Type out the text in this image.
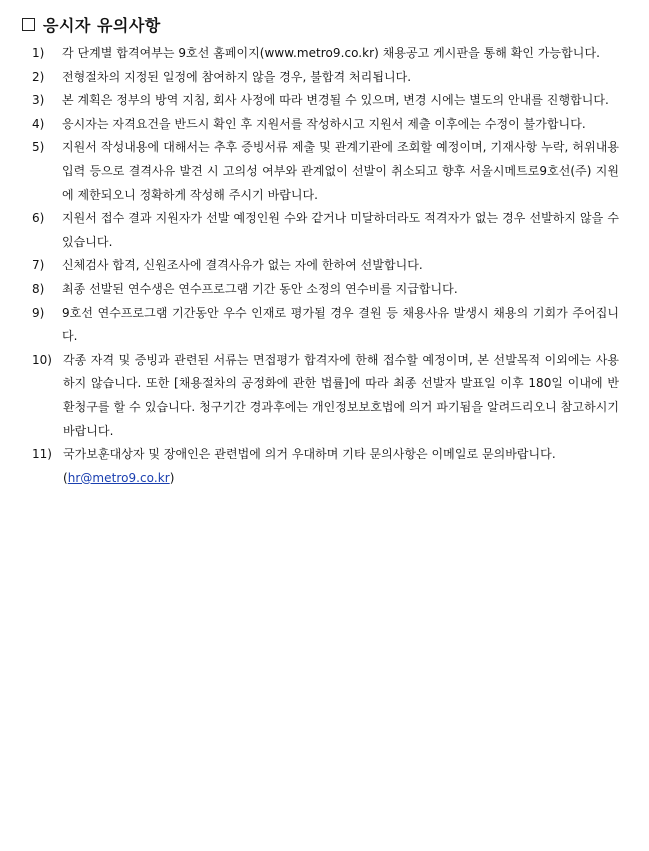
응시자 유의사항
1)	각 단계별 합격여부는 9호선 홈페이지(www.metro9.co.kr) 채용공고 게시판을 통해 확인 가능합니다.
2)	전형절차의 지정된 일정에 참여하지 않을 경우, 불합격 처리됩니다.
3)	본 계획은 정부의 방역 지침, 회사 사정에 따라 변경될 수 있으며, 변경 시에는 별도의 안내를 진행합니다.
4)	응시자는 자격요건을 반드시 확인 후 지원서를 작성하시고 지원서 제출 이후에는 수정이 불가합니다.
5)	지원서 작성내용에 대해서는 추후 증빙서류 제출 및 관계기관에 조회할 예정이며, 기재사항 누락, 허위내용 입력 등으로 결격사유 발견 시 고의성 여부와 관계없이 선발이 취소되고 향후 서울시메트로9호선(주) 지원에 제한되오니 정확하게 작성해 주시기 바랍니다.
6)	지원서 접수 결과 지원자가 선발 예정인원 수와 같거나 미달하더라도 적격자가 없는 경우 선발하지 않을 수 있습니다.
7)	신체검사 합격, 신원조사에 결격사유가 없는 자에 한하여 선발합니다.
8)	최종 선발된 연수생은 연수프로그램 기간 동안 소정의 연수비를 지급합니다.
9)	9호선 연수프로그램 기간동안 우수 인재로 평가될 경우 결원 등 채용사유 발생시 채용의 기회가 주어집니다.
10) 각종 자격 및 증빙과 관련된 서류는 면접평가 합격자에 한해 접수할 예정이며, 본 선발목적 이외에는 사용하지 않습니다. 또한 [채용절차의 공정화에 관한 법률]에 따라 최종 선발자 발표일 이후 180일 이내에 반환청구를 할 수 있습니다. 청구기간 경과후에는 개인정보보호법에 의거 파기됨을 알려드리오니 참고하시기 바랍니다.
11) 국가보훈대상자 및 장애인은 관련법에 의거 우대하며 기타 문의사항은 이메일로 문의바랍니다.
(hr@metro9.co.kr)
